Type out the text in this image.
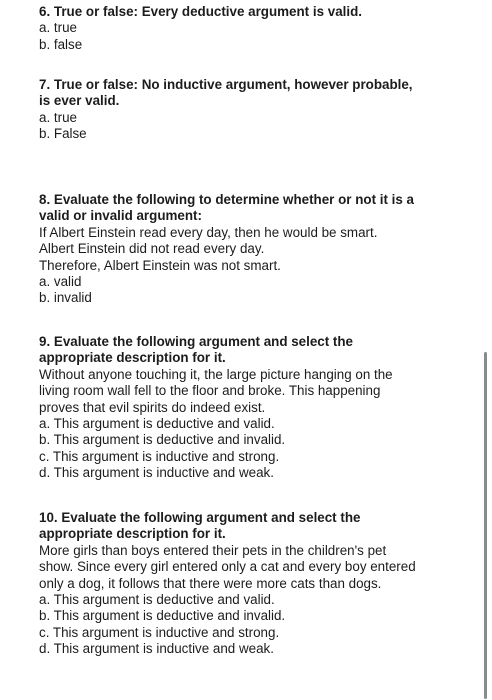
6. True or false: Every deductive argument is valid.
a. true
b. false
7. True or false: No inductive argument, however probable,
is ever valid.
a. true
b. False
8. Evaluate the following to determine whether or not it is a
valid or invalid argument:
If Albert Einstein read every day, then he would be smart.
Albert Einstein did not read every day.
Therefore, Albert Einstein was not smart.
a. valid
b. invalid
9. Evaluate the following argument and select the
appropriate description for it.
Without anyone touching it, the large picture hanging on the
living room wall fell to the floor and broke. This happening
proves that evil spirits do indeed exist.
a. This argument is deductive and valid.
b. This argument is deductive and invalid.
c. This argument is inductive and strong.
d. This argument is inductive and weak.
10. Evaluate the following argument and select the
appropriate description for it.
More girls than boys entered their pets in the children's pet
show. Since every girl entered only a cat and every boy entered
only a dog, it follows that there were more cats than dogs.
a. This argument is deductive and valid.
b. This argument is deductive and invalid.
c. This argument is inductive and strong.
d. This argument is inductive and weak.
